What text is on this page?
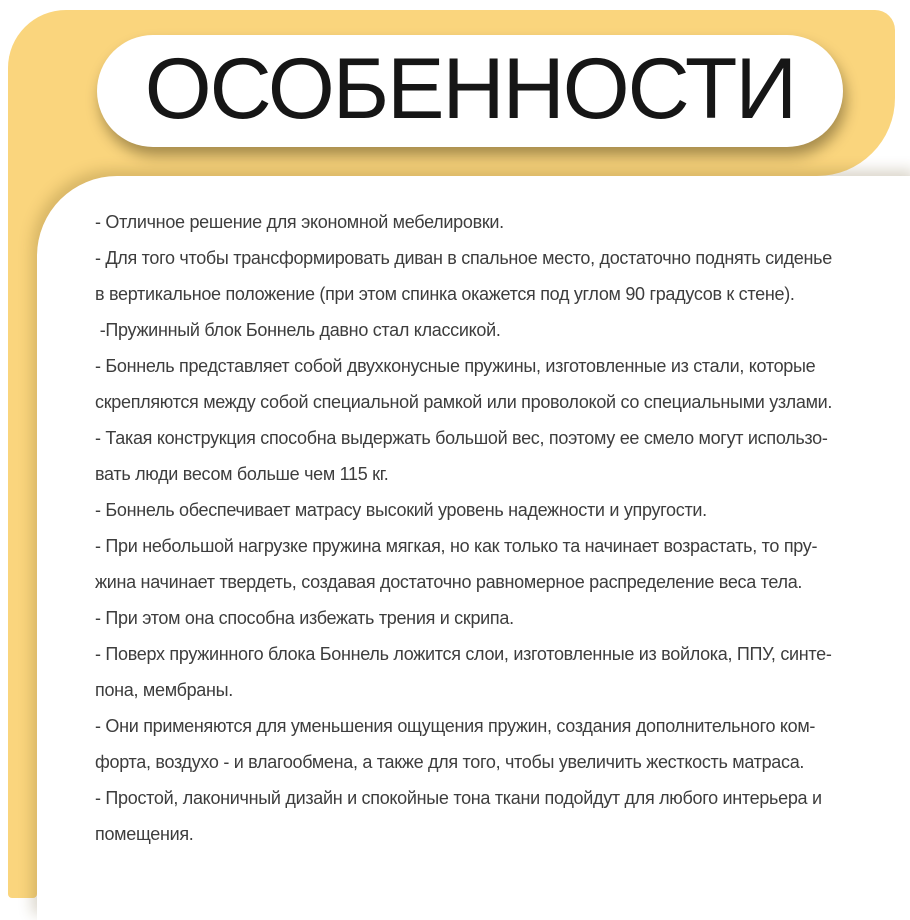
ОСОБЕННОСТИ
- Отличное решение для экономной мебелировки.
- Для того чтобы трансформировать диван в спальное место, достаточно поднять сиденье
в вертикальное положение (при этом спинка окажется под углом 90 градусов к стене).
-Пружинный блок Боннель давно стал классикой.
- Боннель представляет собой двухконусные пружины, изготовленные из стали, которые
скрепляются между собой специальной рамкой или проволокой со специальными узлами.
- Такая конструкция способна выдержать большой вес, поэтому ее смело могут использо-
вать люди весом больше чем 115 кг.
- Боннель обеспечивает матрасу высокий уровень надежности и упругости.
- При небольшой нагрузке пружина мягкая, но как только та начинает возрастать, то пру-
жина начинает твердеть, создавая достаточно равномерное распределение веса тела.
- При этом она способна избежать трения и скрипа.
- Поверх пружинного блока Боннель ложится слои, изготовленные из войлока, ППУ, синте-
пона, мембраны.
- Они применяются для уменьшения ощущения пружин, создания дополнительного ком-
форта, воздухо - и влагообмена, а также для того, чтобы увеличить жесткость матраса.
- Простой, лаконичный дизайн и спокойные тона ткани подойдут для любого интерьера и
помещения.
